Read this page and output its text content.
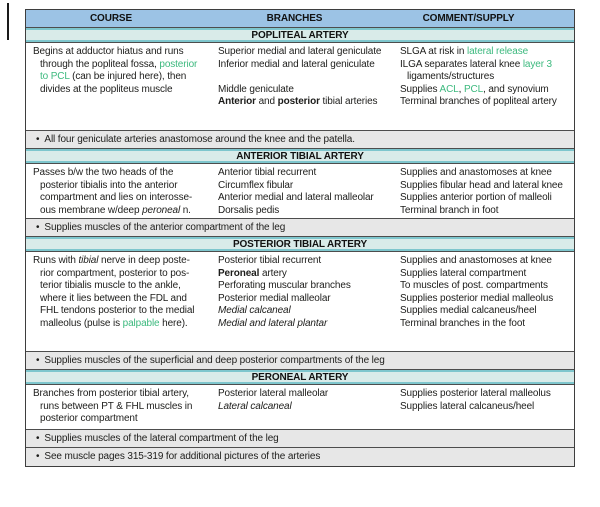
COURSE	BRANCHES	COMMENT/SUPPLY
POPLITEAL ARTERY
Begins at adductor hiatus and runs
through the popliteal fossa, posterior
to PCL (can be injured here), then
divides at the popliteus muscle
Superior medial and lateral geniculate
Inferior medial and lateral geniculate

Middle geniculate
Anterior and posterior tibial arteries
SLGA at risk in lateral release
ILGA separates lateral knee layer 3
ligaments/structures
Supplies ACL, PCL, and synovium
Terminal branches of popliteal artery
• All four geniculate arteries anastomose around the knee and the patella.
ANTERIOR TIBIAL ARTERY
Passes b/w the two heads of the
posterior tibialis into the anterior
compartment and lies on interosse-
ous membrane w/deep peroneal n.
Anterior tibial recurrent
Circumflex fibular
Anterior medial and lateral malleolar
Dorsalis pedis
Supplies and anastomoses at knee
Supplies fibular head and lateral knee
Supplies anterior portion of malleoli
Terminal branch in foot
• Supplies muscles of the anterior compartment of the leg
POSTERIOR TIBIAL ARTERY
Runs with tibial nerve in deep poste-
rior compartment, posterior to pos-
terior tibialis muscle to the ankle,
where it lies between the FDL and
FHL tendons posterior to the medial
malleolus (pulse is palpable here).
Posterior tibial recurrent
Peroneal artery
Perforating muscular branches
Posterior medial malleolar
Medial calcaneal
Medial and lateral plantar
Supplies and anastomoses at knee
Supplies lateral compartment
To muscles of post. compartments
Supplies posterior medial malleolus
Supplies medial calcaneus/heel
Terminal branches in the foot
• Supplies muscles of the superficial and deep posterior compartments of the leg
PERONEAL ARTERY
Branches from posterior tibial artery,
runs between PT & FHL muscles in
posterior compartment
Posterior lateral malleolar
Lateral calcaneal
Supplies posterior lateral malleolus
Supplies lateral calcaneus/heel
• Supplies muscles of the lateral compartment of the leg
• See muscle pages 315-319 for additional pictures of the arteries
